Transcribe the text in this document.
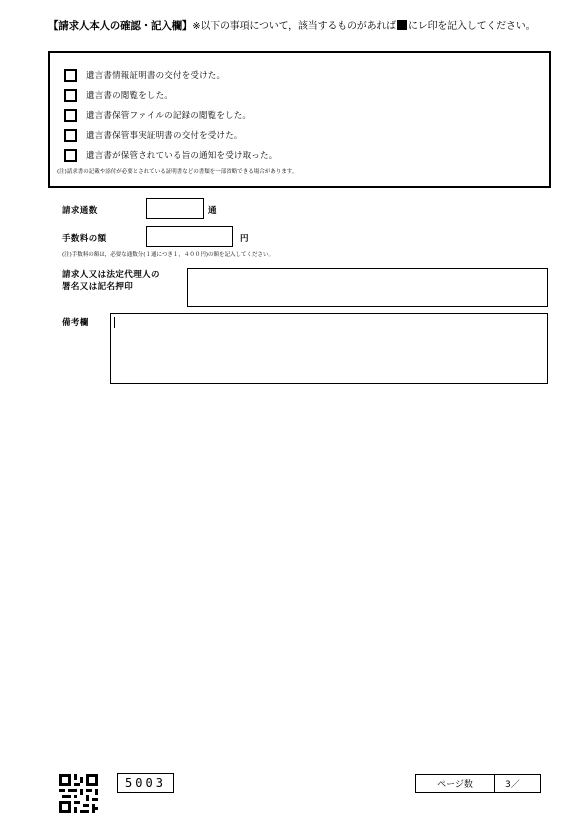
【請求人本人の確認・記入欄】※以下の事項について，該当するものがあれば にレ印を記入してください。
遺言書情報証明書の交付を受けた。
遺言書の閲覧をした。
遺言書保管ファイルの記録の閲覧をした。
遺言書保管事実証明書の交付を受けた。
遺言書が保管されている旨の通知を受け取った。
(注)請求書の記載や添付が必要とされている証明書などの書類を一部省略できる場合があります。
請求通数	通
手数料の額	円
(注)手数料の額は，必要な通数分(１通につき１，４００円)の額を記入してください。
請求人又は法定代理人の
署名又は記名押印
備考欄
5003	ページ数	3／
